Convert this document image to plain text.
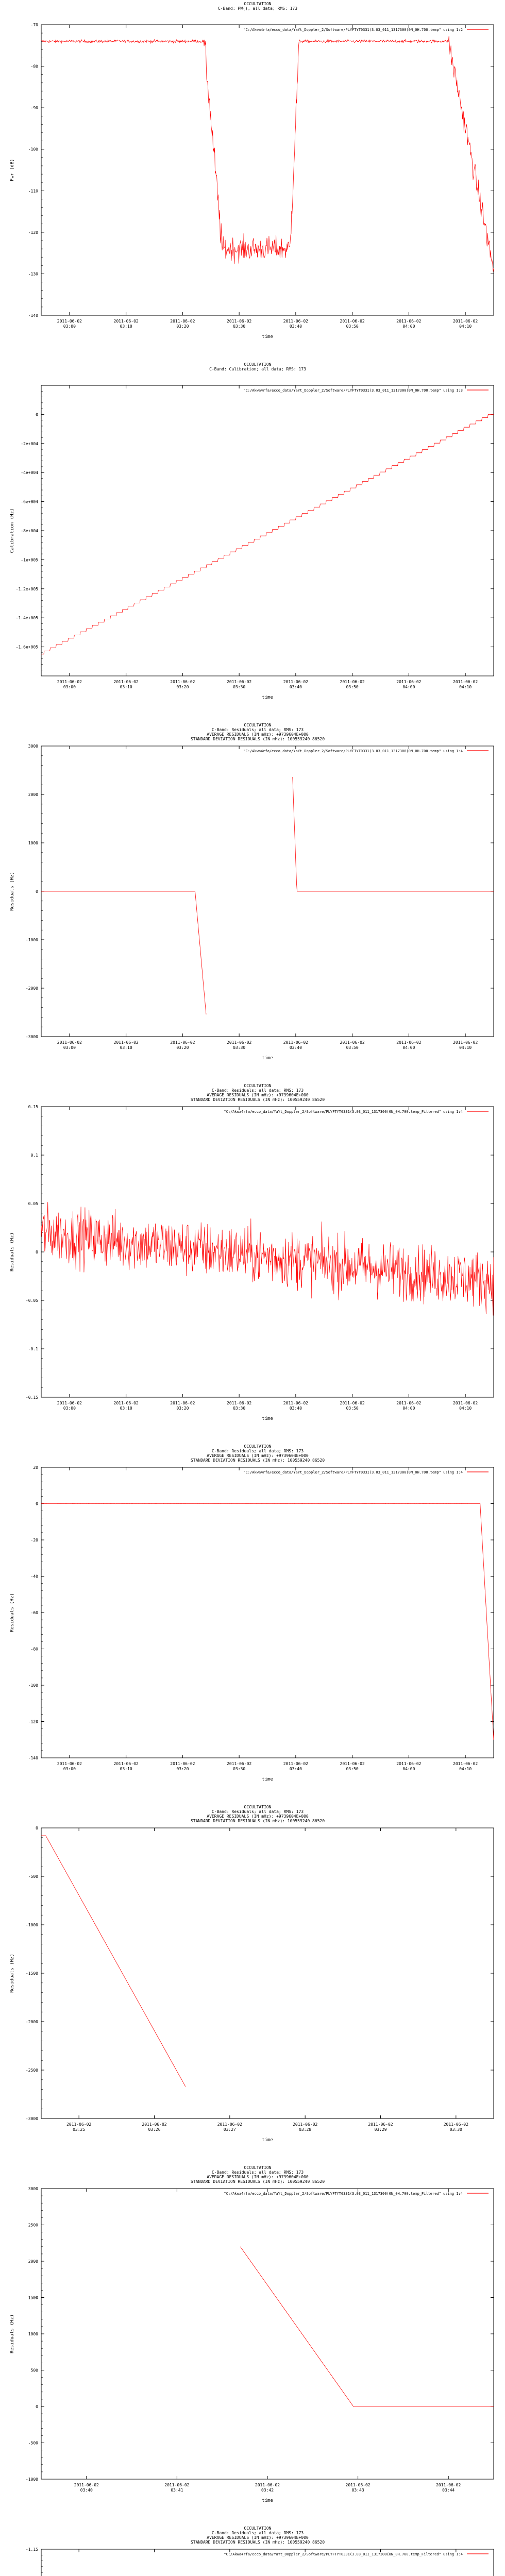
OCCULTATION
C-Band: PW(), all data; RMS: 173
-140
-130
-120
-110
-100
-90
-80
-70
2011-06-02
03:00
2011-06-02
03:10
2011-06-02
03:20
2011-06-02
03:30
2011-06-02
03:40
2011-06-02
03:50
2011-06-02
04:00
2011-06-02
04:10
time
Pwr (dB)
"C:/Akwa4rfa/ecco_data/YaYt_Doppler_2/Software/PLYFTYT0331(3.03_011_1317300(0N_0H.700.temp" using 1:2
OCCULTATION
C-Band: Calibration; all data; RMS: 173
-1.6e+005
-1.4e+005
-1.2e+005
-1e+005
-8e+004
-6e+004
-4e+004
-2e+004
0
2011-06-02
03:00
2011-06-02
03:10
2011-06-02
03:20
2011-06-02
03:30
2011-06-02
03:40
2011-06-02
03:50
2011-06-02
04:00
2011-06-02
04:10
time
Calibration (Hz)
"C:/Akwa4rfa/ecco_data/YaYt_Doppler_2/Software/PLYFTYT0331(3.03_011_1317300(0N_0H.700.temp" using 1:3
OCCULTATION
C-Band: Residuals; all data; RMS: 173
AVERAGE RESIDUALS (IN mHz): +9739604E+000
STANDARD DEVIATION RESIDUALS (IN mHz): 100559240.86520
-3000
-2000
-1000
0
1000
2000
3000
2011-06-02
03:00
2011-06-02
03:10
2011-06-02
03:20
2011-06-02
03:30
2011-06-02
03:40
2011-06-02
03:50
2011-06-02
04:00
2011-06-02
04:10
time
Residuals (Hz)
"C:/Akwa4rfa/ecco_data/YaYt_Doppler_2/Software/PLYFTYT0331(3.03_011_1317300(0N_0H.700.temp" using 1:4
OCCULTATION
C-Band: Residuals; all data; RMS: 173
AVERAGE RESIDUALS (IN mHz): +9739604E+000
STANDARD DEVIATION RESIDUALS (IN mHz): 100559240.86520
-0.15
-0.1
-0.05
0
0.05
0.1
0.15
2011-06-02
03:00
2011-06-02
03:10
2011-06-02
03:20
2011-06-02
03:30
2011-06-02
03:40
2011-06-02
03:50
2011-06-02
04:00
2011-06-02
04:10
time
Residuals (Hz)
"C:/Akwa4rfa/ecco_data/YaYt_Doppler_2/Software/PLYFTYT0331(3.03_011_1317300(0N_0H.700.temp_Filtered" using 1:4
OCCULTATION
C-Band: Residuals; all data; RMS: 173
AVERAGE RESIDUALS (IN mHz): +9739604E+000
STANDARD DEVIATION RESIDUALS (IN mHz): 100559240.86520
-140
-120
-100
-80
-60
-40
-20
0
20
2011-06-02
03:00
2011-06-02
03:10
2011-06-02
03:20
2011-06-02
03:30
2011-06-02
03:40
2011-06-02
03:50
2011-06-02
04:00
2011-06-02
04:10
time
Residuals (Hz)
"C:/Akwa4rfa/ecco_data/YaYt_Doppler_2/Software/PLYFTYT0331(3.03_011_1317300(0N_0H.700.temp" using 1:4
OCCULTATION
C-Band: Residuals; all data; RMS: 173
AVERAGE RESIDUALS (IN mHz): +9739604E+000
STANDARD DEVIATION RESIDUALS (IN mHz): 100559240.86520
-3000
-2500
-2000
-1500
-1000
-500
0
2011-06-02
03:25
2011-06-02
03:26
2011-06-02
03:27
2011-06-02
03:28
2011-06-02
03:29
2011-06-02
03:30
time
Residuals (Hz)
OCCULTATION
C-Band: Residuals; all data; RMS: 173
AVERAGE RESIDUALS (IN mHz): +9739604E+000
STANDARD DEVIATION RESIDUALS (IN mHz): 100559240.86520
-1000
-500
0
500
1000
1500
2000
2500
3000
2011-06-02
03:40
2011-06-02
03:41
2011-06-02
03:42
2011-06-02
03:43
2011-06-02
03:44
time
Residuals (Hz)
"C:/Akwa4rfa/ecco_data/YaYt_Doppler_2/Software/PLYFTYT0331(3.03_011_1317300(0N_0H.700.temp_Filtered" using 1:4
OCCULTATION
C-Band: Residuals; all data; RMS: 173
AVERAGE RESIDUALS (IN mHz): +9739604E+000
STANDARD DEVIATION RESIDUALS (IN mHz): 100559240.86520
-1.15
"C:/Akwa4rfa/ecco_data/YaYt_Doppler_2/Software/PLYFTYT0331(3.03_011_1317300(0N_0H.700.temp_Filtered" using 1:4
